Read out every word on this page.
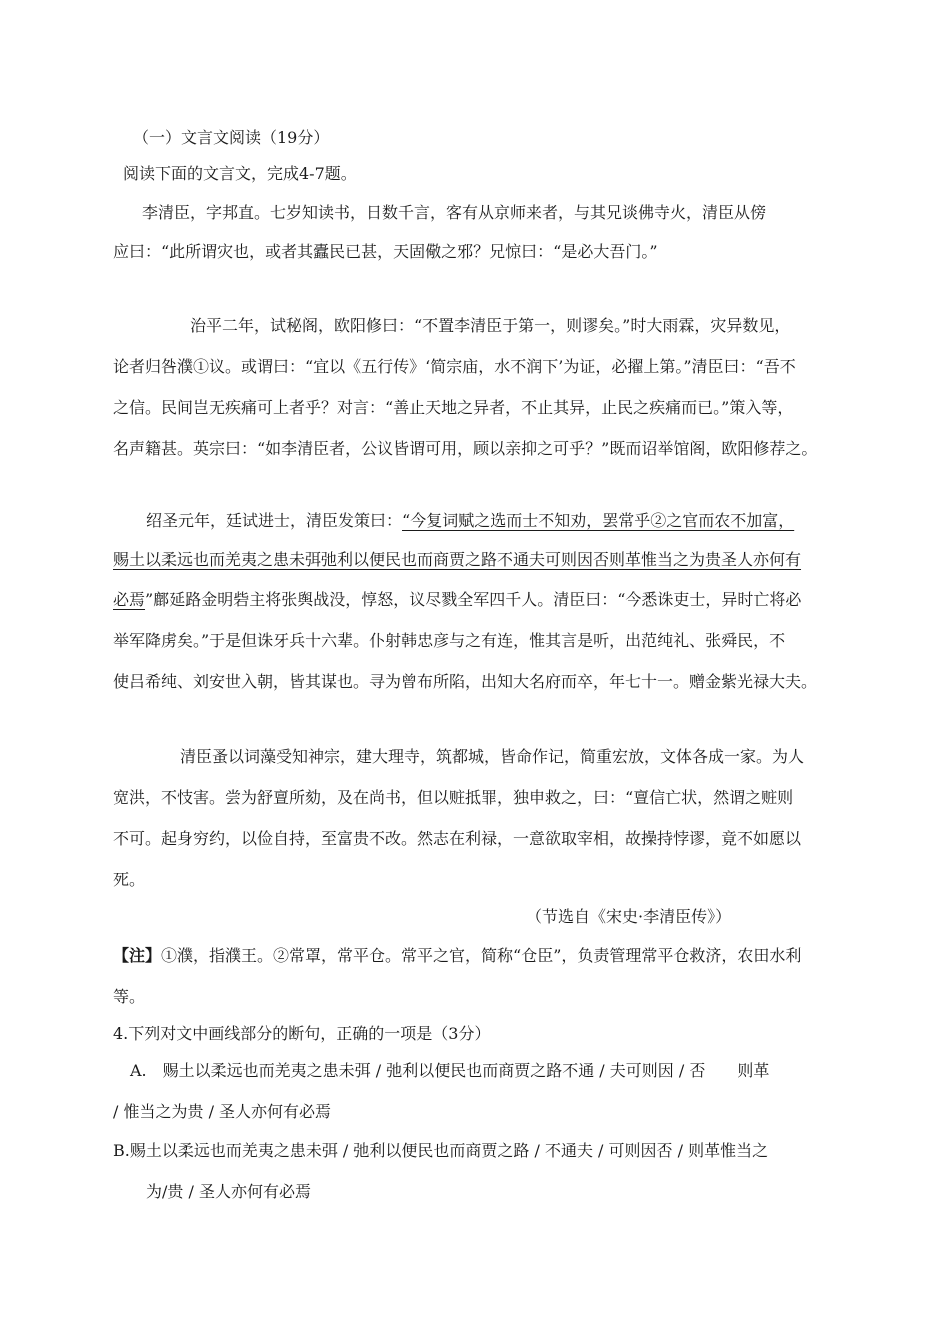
（一）文言文阅读（19分）
阅读下面的文言文，完成4-7题。
李清臣，字邦直。七岁知读书，日数千言，客有从京师来者，与其兄谈佛寺火，清臣从傍
应曰：“此所谓灾也，或者其蠹民已甚，天固儆之邪？兄惊曰：“是必大吾门。”
治平二年，试秘阁，欧阳修曰：“不置李清臣于第一，则谬矣。”时大雨霖，灾异数见，
论者归咎濮①议。或谓曰：“宜以《五行传》‘简宗庙，水不润下’为证，必擢上第。”清臣曰：“吾不
之信。民间岂无疾痛可上者乎？对言：“善止天地之异者，不止其异，止民之疾痛而已。”策入等，
名声籍甚。英宗曰：“如李清臣者，公议皆谓可用，顾以亲抑之可乎？”既而诏举馆阁，欧阳修荐之。
绍圣元年，廷试进士，清臣发策曰：“今复词赋之选而士不知劝，罢常乎②之官而农不加富，
赐土以柔远也而羌夷之患未弭弛利以便民也而商贾之路不通夫可则因否则革惟当之为贵圣人亦何有
必焉”鄜延路金明砦主将张舆战没，惇怒，议尽戮全军四千人。清臣曰：“今悉诛吏士，异时亡将必
举军降虏矣。”于是但诛牙兵十六辈。仆射韩忠彦与之有连，惟其言是听，出范纯礼、张舜民，不
使吕希纯、刘安世入朝，皆其谋也。寻为曾布所陷，出知大名府而卒，年七十一。赠金紫光禄大夫。
清臣蚤以词藻受知神宗，建大理寺，筑都城，皆命作记，简重宏放，文体各成一家。为人
宽洪，不忮害。尝为舒亶所劾，及在尚书，但以赃抵罪，独申救之，曰：“亶信亡状，然谓之赃则
不可。起身穷约，以俭自持，至富贵不改。然志在利禄，一意欲取宰相，故操持悖谬，竟不如愿以
死。
（节选自《宋史·李清臣传》）
【注】①濮，指濮王。②常罩，常平仓。常平之官，简称“仓臣”，负责管理常平仓救济，农田水利
等。
4.下列对文中画线部分的断句，正确的一项是（3分）
A.　赐土以柔远也而羌夷之患未弭 / 弛利以便民也而商贾之路不通 / 夫可则因 / 否　　则革
/ 惟当之为贵 / 圣人亦何有必焉
B.赐土以柔远也而羌夷之患未弭 / 弛利以便民也而商贾之路 / 不通夫 / 可则因否 / 则革惟当之
为/贵 / 圣人亦何有必焉
